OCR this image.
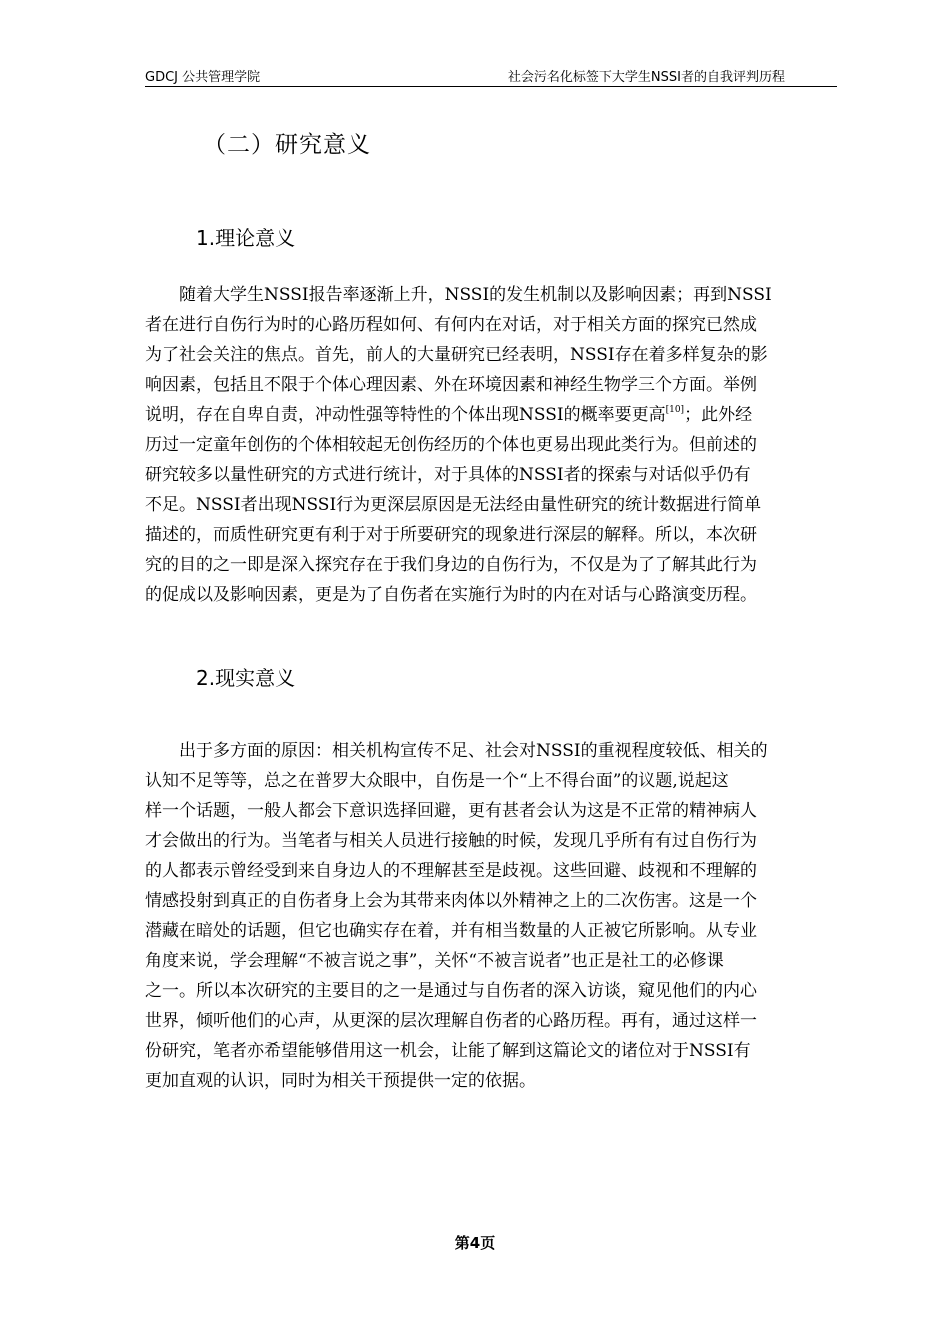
GDCJ 公共管理学院	社会污名化标签下大学生NSSI者的自我评判历程
（二）研究意义
1.理论意义
随着大学生NSSI报告率逐渐上升，NSSI的发生机制以及影响因素；再到NSSI
者在进行自伤行为时的心路历程如何、有何内在对话，对于相关方面的探究已然成
为了社会关注的焦点。首先，前人的大量研究已经表明，NSSI存在着多样复杂的影
响因素，包括且不限于个体心理因素、外在环境因素和神经生物学三个方面。举例
说明，存在自卑自责，冲动性强等特性的个体出现NSSI的概率要更高[10]；此外经
历过一定童年创伤的个体相较起无创伤经历的个体也更易出现此类行为。但前述的
研究较多以量性研究的方式进行统计，对于具体的NSSI者的探索与对话似乎仍有
不足。NSSI者出现NSSI行为更深层原因是无法经由量性研究的统计数据进行简单
描述的，而质性研究更有利于对于所要研究的现象进行深层的解释。所以，本次研
究的目的之一即是深入探究存在于我们身边的自伤行为，不仅是为了了解其此行为
的促成以及影响因素，更是为了自伤者在实施行为时的内在对话与心路演变历程。
2.现实意义
出于多方面的原因：相关机构宣传不足、社会对NSSI的重视程度较低、相关的
认知不足等等，总之在普罗大众眼中，自伤是一个“上不得台面”的议题,说起这
样一个话题，一般人都会下意识选择回避，更有甚者会认为这是不正常的精神病人
才会做出的行为。当笔者与相关人员进行接触的时候，发现几乎所有有过自伤行为
的人都表示曾经受到来自身边人的不理解甚至是歧视。这些回避、歧视和不理解的
情感投射到真正的自伤者身上会为其带来肉体以外精神之上的二次伤害。这是一个
潜藏在暗处的话题，但它也确实存在着，并有相当数量的人正被它所影响。从专业
角度来说，学会理解“不被言说之事”，关怀“不被言说者”也正是社工的必修课
之一。所以本次研究的主要目的之一是通过与自伤者的深入访谈，窥见他们的内心
世界，倾听他们的心声，从更深的层次理解自伤者的心路历程。再有，通过这样一
份研究，笔者亦希望能够借用这一机会，让能了解到这篇论文的诸位对于NSSI有
更加直观的认识，同时为相关干预提供一定的依据。
第4页
